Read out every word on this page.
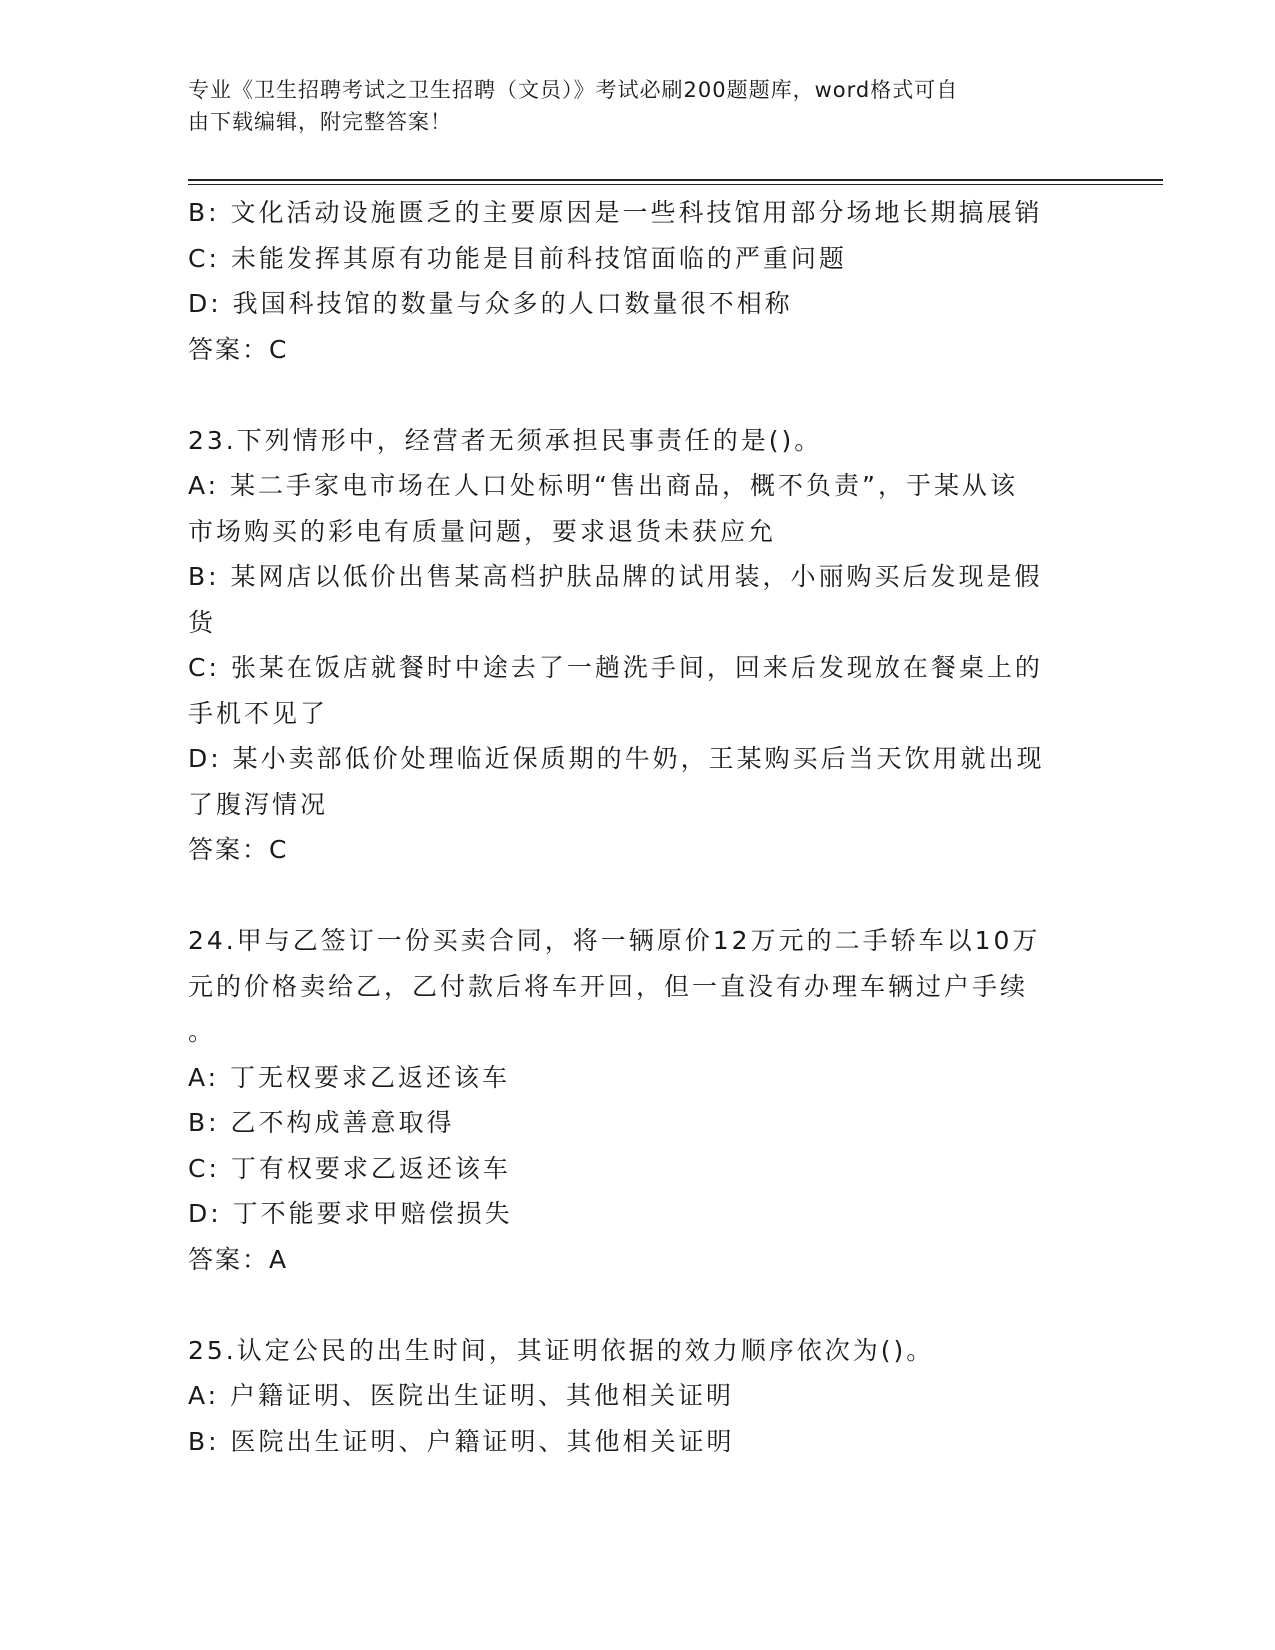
专业《卫生招聘考试之卫生招聘（文员）》考试必刷200题题库，word格式可自
由下载编辑，附完整答案！
B: 文化活动设施匮乏的主要原因是一些科技馆用部分场地长期搞展销
C: 未能发挥其原有功能是目前科技馆面临的严重问题
D: 我国科技馆的数量与众多的人口数量很不相称
答案：C
23.下列情形中，经营者无须承担民事责任的是()。
A: 某二手家电市场在人口处标明“售出商品，概不负责”，于某从该
市场购买的彩电有质量问题，要求退货未获应允
B: 某网店以低价出售某高档护肤品牌的试用装，小丽购买后发现是假
货
C: 张某在饭店就餐时中途去了一趟洗手间，回来后发现放在餐桌上的
手机不见了
D: 某小卖部低价处理临近保质期的牛奶，王某购买后当天饮用就出现
了腹泻情况
答案：C
24.甲与乙签订一份买卖合同，将一辆原价12万元的二手轿车以10万
元的价格卖给乙，乙付款后将车开回，但一直没有办理车辆过户手续
。
A: 丁无权要求乙返还该车
B: 乙不构成善意取得
C: 丁有权要求乙返还该车
D: 丁不能要求甲赔偿损失
答案：A
25.认定公民的出生时间，其证明依据的效力顺序依次为()。
A: 户籍证明、医院出生证明、其他相关证明
B: 医院出生证明、户籍证明、其他相关证明
